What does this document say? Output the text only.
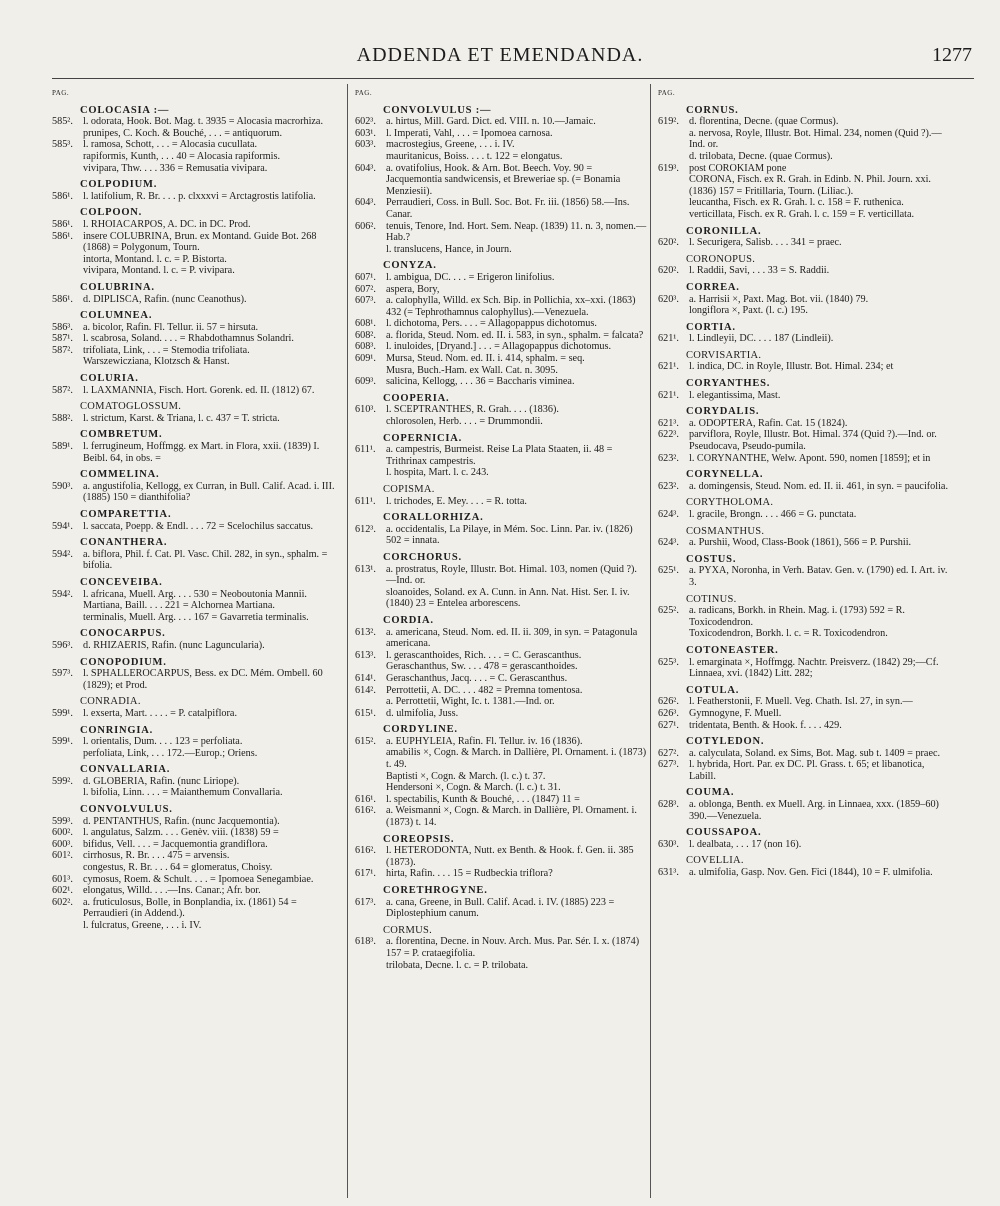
ADDENDA ET EMENDANDA.	1277
PAG.
COLOCASIA :—
585². l. odorata, Hook. Bot. Mag. t. 3935 = Alocasia macrorhiza.
prunipes, C. Koch. & Bouché, . . . = antiquorum.
585³. l. ramosa, Schott, . . . = Alocasia cucullata.
rapiformis, Kunth, . . . 40 = Alocasia rapiformis.
vivipara, Thw. . . . 336 = Remusatia vivipara.
COLPODIUM.
586¹. l. latifolium, R. Br. . . . p. clxxxvi = Arctagrostis latifolia.
COLPOON.
586¹. l. RHOIACARPOS, A. DC. in DC. Prod.
586¹. insere COLUBRINA, Brun. ex Montand. Guide Bot. 268 (1868) = Polygonum, Tourn.
intorta, Montand. l. c. = P. Bistorta.
vivipara, Montand. l. c. = P. vivipara.
COLUBRINA.
586¹. d. DIPLISCA, Rafin. (nunc Ceanothus).
COLUMNEA.
586³. a. bicolor, Rafin. Fl. Tellur. ii. 57 = hirsuta.
587¹. l. scabrosa, Soland. . . . = Rhabdothamnus Solandri.
587². trifoliata, Link, . . . = Stemodia trifoliata.
Warszewicziana, Klotzsch & Hanst.
COLURIA.
587². l. LAXMANNIA, Fisch. Hort. Gorenk. ed. II. (1812) 67.
COMATOGLOSSUM.
588². l. strictum, Karst. & Triana, l. c. 437 = T. stricta.
COMBRETUM.
589¹. l. ferrugineum, Hoffmgg. ex Mart. in Flora, xxii. (1839) I. Beibl. 64, in obs. =
COMMELINA.
590³. a. angustifolia, Kellogg, ex Curran, in Bull. Calif. Acad. i. III. (1885) 150 = dianthifolia?
COMPARETTIA.
594¹. l. saccata, Poepp. & Endl. . . . 72 = Scelochilus saccatus.
CONANTHERA.
594². a. biflora, Phil. f. Cat. Pl. Vasc. Chil. 282, in syn., sphalm. = bifolia.
CONCEVEIBA.
594². l. africana, Muell. Arg. . . . 530 = Neoboutonia Mannii.
Martiana, Baill. . . . 221 = Alchornea Martiana.
terminalis, Muell. Arg. . . . 167 = Gavarretia terminalis.
CONOCARPUS.
596³. d. RHIZAERIS, Rafin. (nunc Laguncularia).
CONOPODIUM.
597³. l. SPHALLEROCARPUS, Bess. ex DC. Mém. Ombell. 60 (1829); et Prod.
CONRADIA.
599¹. l. exserta, Mart. . . . . = P. catalpiflora.
CONRINGIA.
599¹. l. orientalis, Dum. . . . 123 = perfoliata.
perfoliata, Link, . . . 172.—Europ.; Oriens.
CONVALLARIA.
599². d. GLOBERIA, Rafin. (nunc Liriope).
l. bifolia, Linn. . . . = Maianthemum Convallaria.
CONVOLVULUS.
599³. d. PENTANTHUS, Rafin. (nunc Jacquemontia).
600². l. angulatus, Salzm. . . . Genèv. viii. (1838) 59 =
600³. bifidus, Vell. . . . = Jacquemontia grandiflora.
601². cirrhosus, R. Br. . . . 475 = arvensis.
congestus, R. Br. . . . 64 = glomeratus, Choisy.
601³. cymosus, Roem. & Schult. . . . = Ipomoea Senegambiae.
602¹. elongatus, Willd. . . .—Ins. Canar.; Afr. bor.
602². a. fruticulosus, Bolle, in Bonplandia, ix. (1861) 54 = Perraudieri (in Addend.).
l. fulcratus, Greene, . . . i. IV.
PAG.
CONVOLVULUS :—
602³. a. hirtus, Mill. Gard. Dict. ed. VIII. n. 10.—Jamaic.
603¹. l. Imperati, Vahl, . . . = Ipomoea carnosa.
603³. macrostegius, Greene, . . . i. IV.
mauritanicus, Boiss. . . . t. 122 = elongatus.
604³. a. ovatifolius, Hook. & Arn. Bot. Beech. Voy. 90 = Jacquemontia sandwicensis, et Breweriae sp. (= Bonamia Menziesii).
604³. Perraudieri, Coss. in Bull. Soc. Bot. Fr. iii. (1856) 58.—Ins. Canar.
606². tenuis, Tenore, Ind. Hort. Sem. Neap. (1839) 11. n. 3, nomen.—Hab.?
l. translucens, Hance, in Journ.
CONYZA.
607¹. l. ambigua, DC. . . . = Erigeron linifolius.
607². aspera, Bory,
607³. a. calophylla, Willd. ex Sch. Bip. in Pollichia, xx–xxi. (1863) 432 (= Tephrothamnus calophyllus).—Venezuela.
608¹. l. dichotoma, Pers. . . . = Allagopappus dichotomus.
608². a. florida, Steud. Nom. ed. II. i. 583, in syn., sphalm. = falcata?
608³. l. inuloides, [Dryand.] . . . = Allagopappus dichotomus.
609¹. Mursa, Steud. Nom. ed. II. i. 414, sphalm. = seq.
Musra, Buch.-Ham. ex Wall. Cat. n. 3095.
609³. salicina, Kellogg, . . . 36 = Baccharis viminea.
COOPERIA.
610³. l. SCEPTRANTHES, R. Grah. . . . (1836).
chlorosolen, Herb. . . . = Drummondii.
COPERNICIA.
611¹.	a. campestris, Burmeist. Reise La Plata Staaten, ii. 48 = Trithrinax campestris.
l. hospita, Mart. l. c. 243.
COPISMA.
611¹.	l. trichodes, E. Mey. . . . = R. totta.
CORALLORHIZA.
612³. a. occidentalis, La Pilaye, in Mém. Soc. Linn. Par. iv. (1826) 502 = innata.
CORCHORUS.
613¹. a. prostratus, Royle, Illustr. Bot. Himal. 103, nomen (Quid ?).—Ind. or.
sloanoides, Soland. ex A. Cunn. in Ann. Nat. Hist. Ser. I. iv. (1840) 23 = Entelea arborescens.
CORDIA.
613². a. americana, Steud. Nom. ed. II. ii. 309, in syn. = Patagonula americana.
613³. l. gerascanthoides, Rich. . . . = C. Gerascanthus.
Geraschanthus, Sw. . . . 478 = gerascanthoides.
614¹. Geraschanthus, Jacq. . . . = C. Gerascanthus.
614². Perrottetii, A. DC. . . . 482 = Premna tomentosa.
a. Perrottetii, Wight, Ic. t. 1381.—Ind. or.
615¹. d. ulmifolia, Juss.
CORDYLINE.
615². a. EUPHYLEIA, Rafin. Fl. Tellur. iv. 16 (1836).
amabilis ×, Cogn. & March. in Dallière, Pl. Ornament. i. (1873) t. 49.
Baptisti ×, Cogn. & March. (l. c.) t. 37.
Hendersoni ×, Cogn. & March. (l. c.) t. 31.
616¹. l. spectabilis, Kunth & Bouché, . . . (1847) 11 =
616². a. Weismanni ×, Cogn. & March. in Dallière, Pl. Ornament. i. (1873) t. 14.
COREOPSIS.
616². l. HETERODONTA, Nutt. ex Benth. & Hook. f. Gen. ii. 385 (1873).
617¹. hirta, Rafin. . . . 15 = Rudbeckia triflora?
CORETHROGYNE.
617³. a. cana, Greene, in Bull. Calif. Acad. i. IV. (1885) 223 = Diplostephium canum.
CORMUS.
618³. a. florentina, Decne. in Nouv. Arch. Mus. Par. Sér. I. x. (1874) 157 = P. crataegifolia.
trilobata, Decne. l. c. = P. trilobata.
PAG.
CORNUS.
619². d. florentina, Decne. (quae Cormus).
a. nervosa, Royle, Illustr. Bot. Himal. 234, nomen (Quid ?).—Ind. or.
d. trilobata, Decne. (quae Cormus).
619³. post COROKIAM pone
CORONA, Fisch. ex R. Grah. in Edinb. N. Phil. Journ. xxi. (1836) 157 = Fritillaria, Tourn. (Liliac.).
leucantha, Fisch. ex R. Grah. l. c. 158 = F. ruthenica.
verticillata, Fisch. ex R. Grah. l. c. 159 = F. verticillata.
CORONILLA.
620². l. Securigera, Salisb. . . . 341 = praec.
CORONOPUS.
620². l. Raddii, Savi, . . . 33 = S. Raddii.
CORREA.
620³. a. Harrisii ×, Paxt. Mag. Bot. vii. (1840) 79.
longiflora ×, Paxt. (l. c.) 195.
CORTIA.
621¹. l. Lindleyii, DC. . . . 187 (Lindleii).
CORVISARTIA.
621¹. l. indica, DC. in Royle, Illustr. Bot. Himal. 234; et
CORYANTHES.
621¹. l. elegantissima, Mast.
CORYDALIS.
621³. a. ODOPTERA, Rafin. Cat. 15 (1824).
622³. parviflora, Royle, Illustr. Bot. Himal. 374 (Quid ?).—Ind. or.
Pseudocava, Pseudo-pumila.
623². l. CORYNANTHE, Welw. Apont. 590, nomen [1859]; et in
CORYNELLA.
623². a. domingensis, Steud. Nom. ed. II. ii. 461, in syn. = paucifolia.
CORYTHOLOMA.
624³. l. gracile, Brongn. . . . 466 = G. punctata.
COSMANTHUS.
624³. a. Purshii, Wood, Class-Book (1861), 566 = P. Purshii.
COSTUS.
625¹. a. PYXA, Noronha, in Verh. Batav. Gen. v. (1790) ed. I. Art. iv. 3.
COTINUS.
625². a. radicans, Borkh. in Rhein. Mag. i. (1793) 592 = R. Toxicodendron.
Toxicodendron, Borkh. l. c. = R. Toxicodendron.
COTONEASTER.
625³. l. emarginata ×, Hoffmgg. Nachtr. Preisverz. (1842) 29;—Cf. Linnaea, xvi. (1842) Litt. 282;
COTULA.
626². l. Featherstonii, F. Muell. Veg. Chath. Isl. 27, in syn.—
626³. Gymnogyne, F. Muell.
627¹. tridentata, Benth. & Hook. f. . . . 429.
COTYLEDON.
627². a. calyculata, Soland. ex Sims, Bot. Mag. sub t. 1409 = praec.
627³. l. hybrida, Hort. Par. ex DC. Pl. Grass. t. 65; et libanotica, Labill.
COUMA.
628³. a. oblonga, Benth. ex Muell. Arg. in Linnaea, xxx. (1859–60) 390.—Venezuela.
COUSSAPOA.
630³. l. dealbata, . . . 17 (non 16).
COVELLIA.
631³. a. ulmifolia, Gasp. Nov. Gen. Fici (1844), 10 = F. ulmifolia.
